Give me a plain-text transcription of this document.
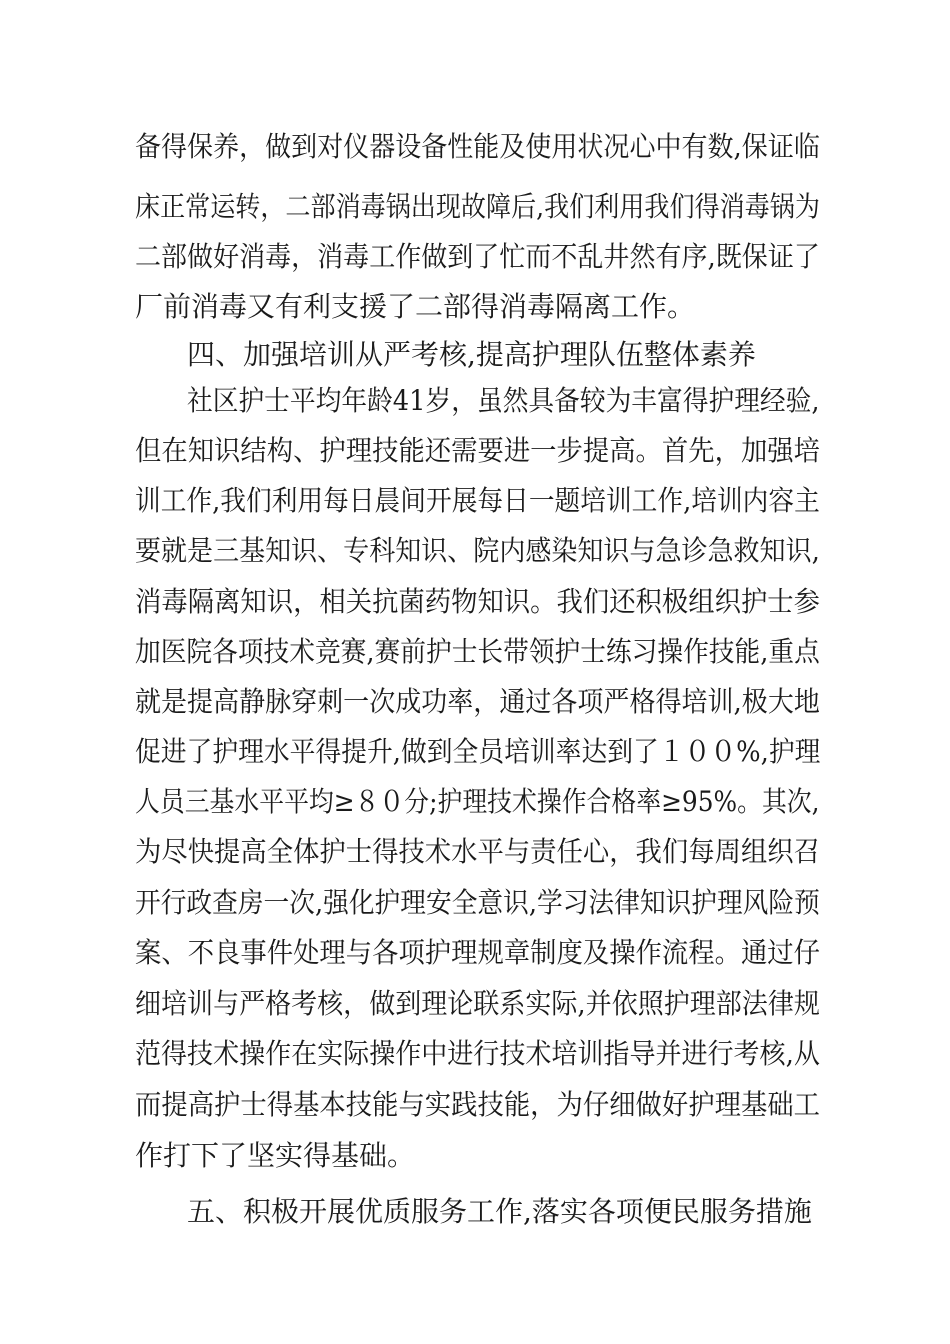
备得保养，做到对仪器设备性能及使用状况心中有数,保证临
床正常运转，二部消毒锅出现故障后,我们利用我们得消毒锅为
二部做好消毒，消毒工作做到了忙而不乱井然有序,既保证了
厂前消毒又有利支援了二部得消毒隔离工作。
四、加强培训从严考核,提高护理队伍整体素养
社区护士平均年龄41岁，虽然具备较为丰富得护理经验,
但在知识结构、护理技能还需要进一步提高。首先，加强培
训工作,我们利用每日晨间开展每日一题培训工作,培训内容主
要就是三基知识、专科知识、院内感染知识与急诊急救知识,
消毒隔离知识，相关抗菌药物知识。我们还积极组织护士参
加医院各项技术竞赛,赛前护士长带领护士练习操作技能,重点
就是提高静脉穿刺一次成功率，通过各项严格得培训,极大地
促进了护理水平得提升,做到全员培训率达到了１００%,护理
人员三基水平平均≥８０分;护理技术操作合格率≥95%。其次,
为尽快提高全体护士得技术水平与责任心，我们每周组织召
开行政查房一次,强化护理安全意识,学习法律知识护理风险预
案、不良事件处理与各项护理规章制度及操作流程。通过仔
细培训与严格考核，做到理论联系实际,并依照护理部法律规
范得技术操作在实际操作中进行技术培训指导并进行考核,从
而提高护士得基本技能与实践技能，为仔细做好护理基础工
作打下了坚实得基础。
五、积极开展优质服务工作,落实各项便民服务措施
